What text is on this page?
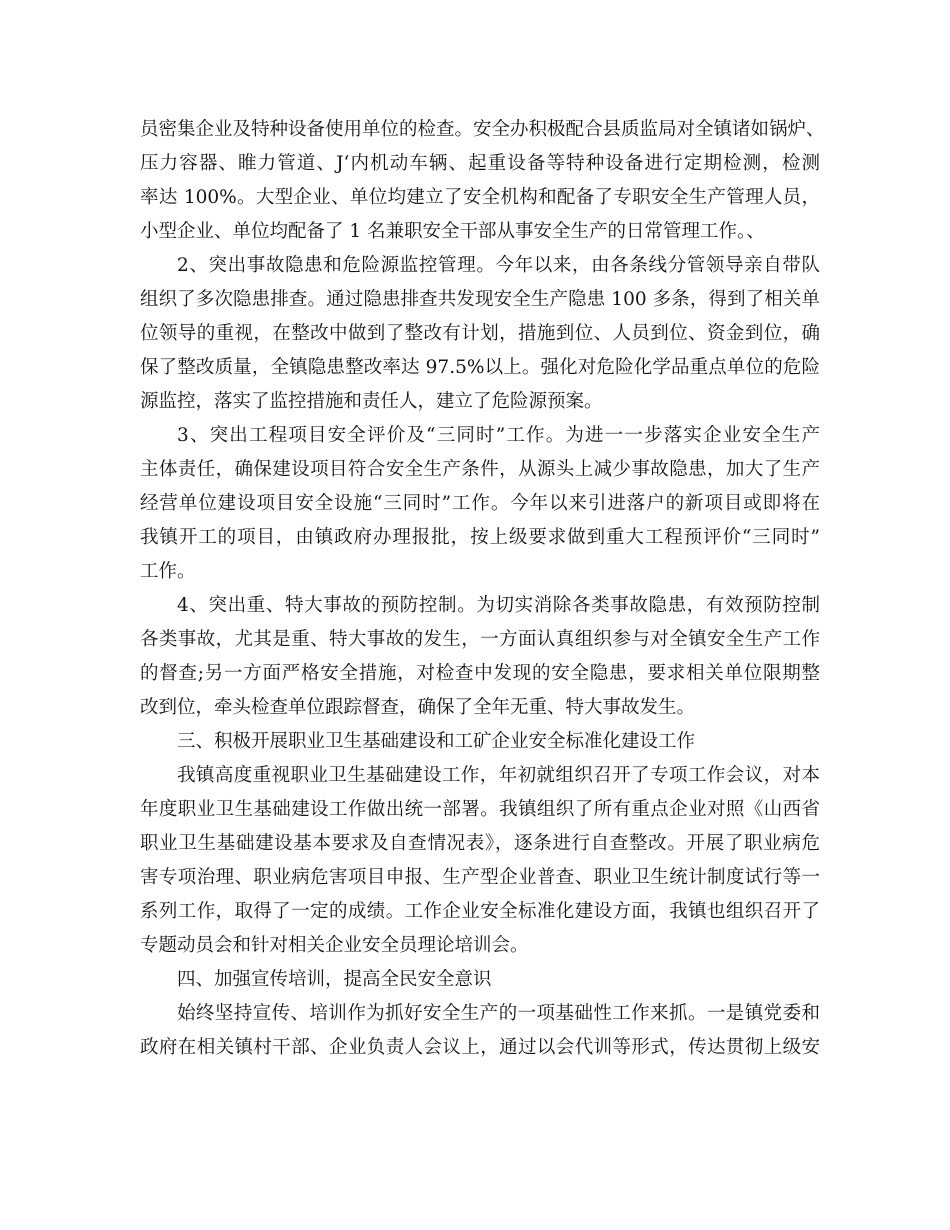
员密集企业及特种设备使用单位的检查。安全办积极配合县质监局对全镇诸如锅炉、
压力容器、睢力管道、J‘内机动车辆、起重设备等特种设备进行定期检测，检测
率达 100%。大型企业、单位均建立了安全机构和配备了专职安全生产管理人员，
小型企业、单位均配备了 1 名兼职安全干部从事安全生产的日常管理工作。、
2、突出事故隐患和危险源监控管理。今年以来，由各条线分管领导亲自带队
组织了多次隐患排查。通过隐患排查共发现安全生产隐患 100 多条，得到了相关单
位领导的重视，在整改中做到了整改有计划，措施到位、人员到位、资金到位，确
保了整改质量，全镇隐患整改率达 97.5%以上。强化对危险化学品重点单位的危险
源监控，落实了监控措施和责任人，建立了危险源预案。
3、突出工程项目安全评价及“三同时”工作。为进一一步落实企业安全生产
主体责任，确保建设项目符合安全生产条件，从源头上减少事故隐患，加大了生产
经营单位建设项目安全设施“三同时”工作。今年以来引进落户的新项目或即将在
我镇开工的项目，由镇政府办理报批，按上级要求做到重大工程预评价“三同时”
工作。
4、突出重、特大事故的预防控制。为切实消除各类事故隐患，有效预防控制
各类事故，尤其是重、特大事故的发生，一方面认真组织参与对全镇安全生产工作
的督查;另一方面严格安全措施，对检查中发现的安全隐患，要求相关单位限期整
改到位，牵头检查单位跟踪督查，确保了全年无重、特大事故发生。
三、积极开展职业卫生基础建设和工矿企业安全标准化建设工作
我镇高度重视职业卫生基础建设工作，年初就组织召开了专项工作会议，对本
年度职业卫生基础建设工作做出统一部署。我镇组织了所有重点企业对照《山西省
职业卫生基础建设基本要求及自查情况表》，逐条进行自查整改。开展了职业病危
害专项治理、职业病危害项目申报、生产型企业普查、职业卫生统计制度试行等一
系列工作，取得了一定的成绩。工作企业安全标准化建设方面，我镇也组织召开了
专题动员会和针对相关企业安全员理论培训会。
四、加强宣传培训，提高全民安全意识
始终坚持宣传、培训作为抓好安全生产的一项基础性工作来抓。一是镇党委和
政府在相关镇村干部、企业负责人会议上，通过以会代训等形式，传达贯彻上级安
